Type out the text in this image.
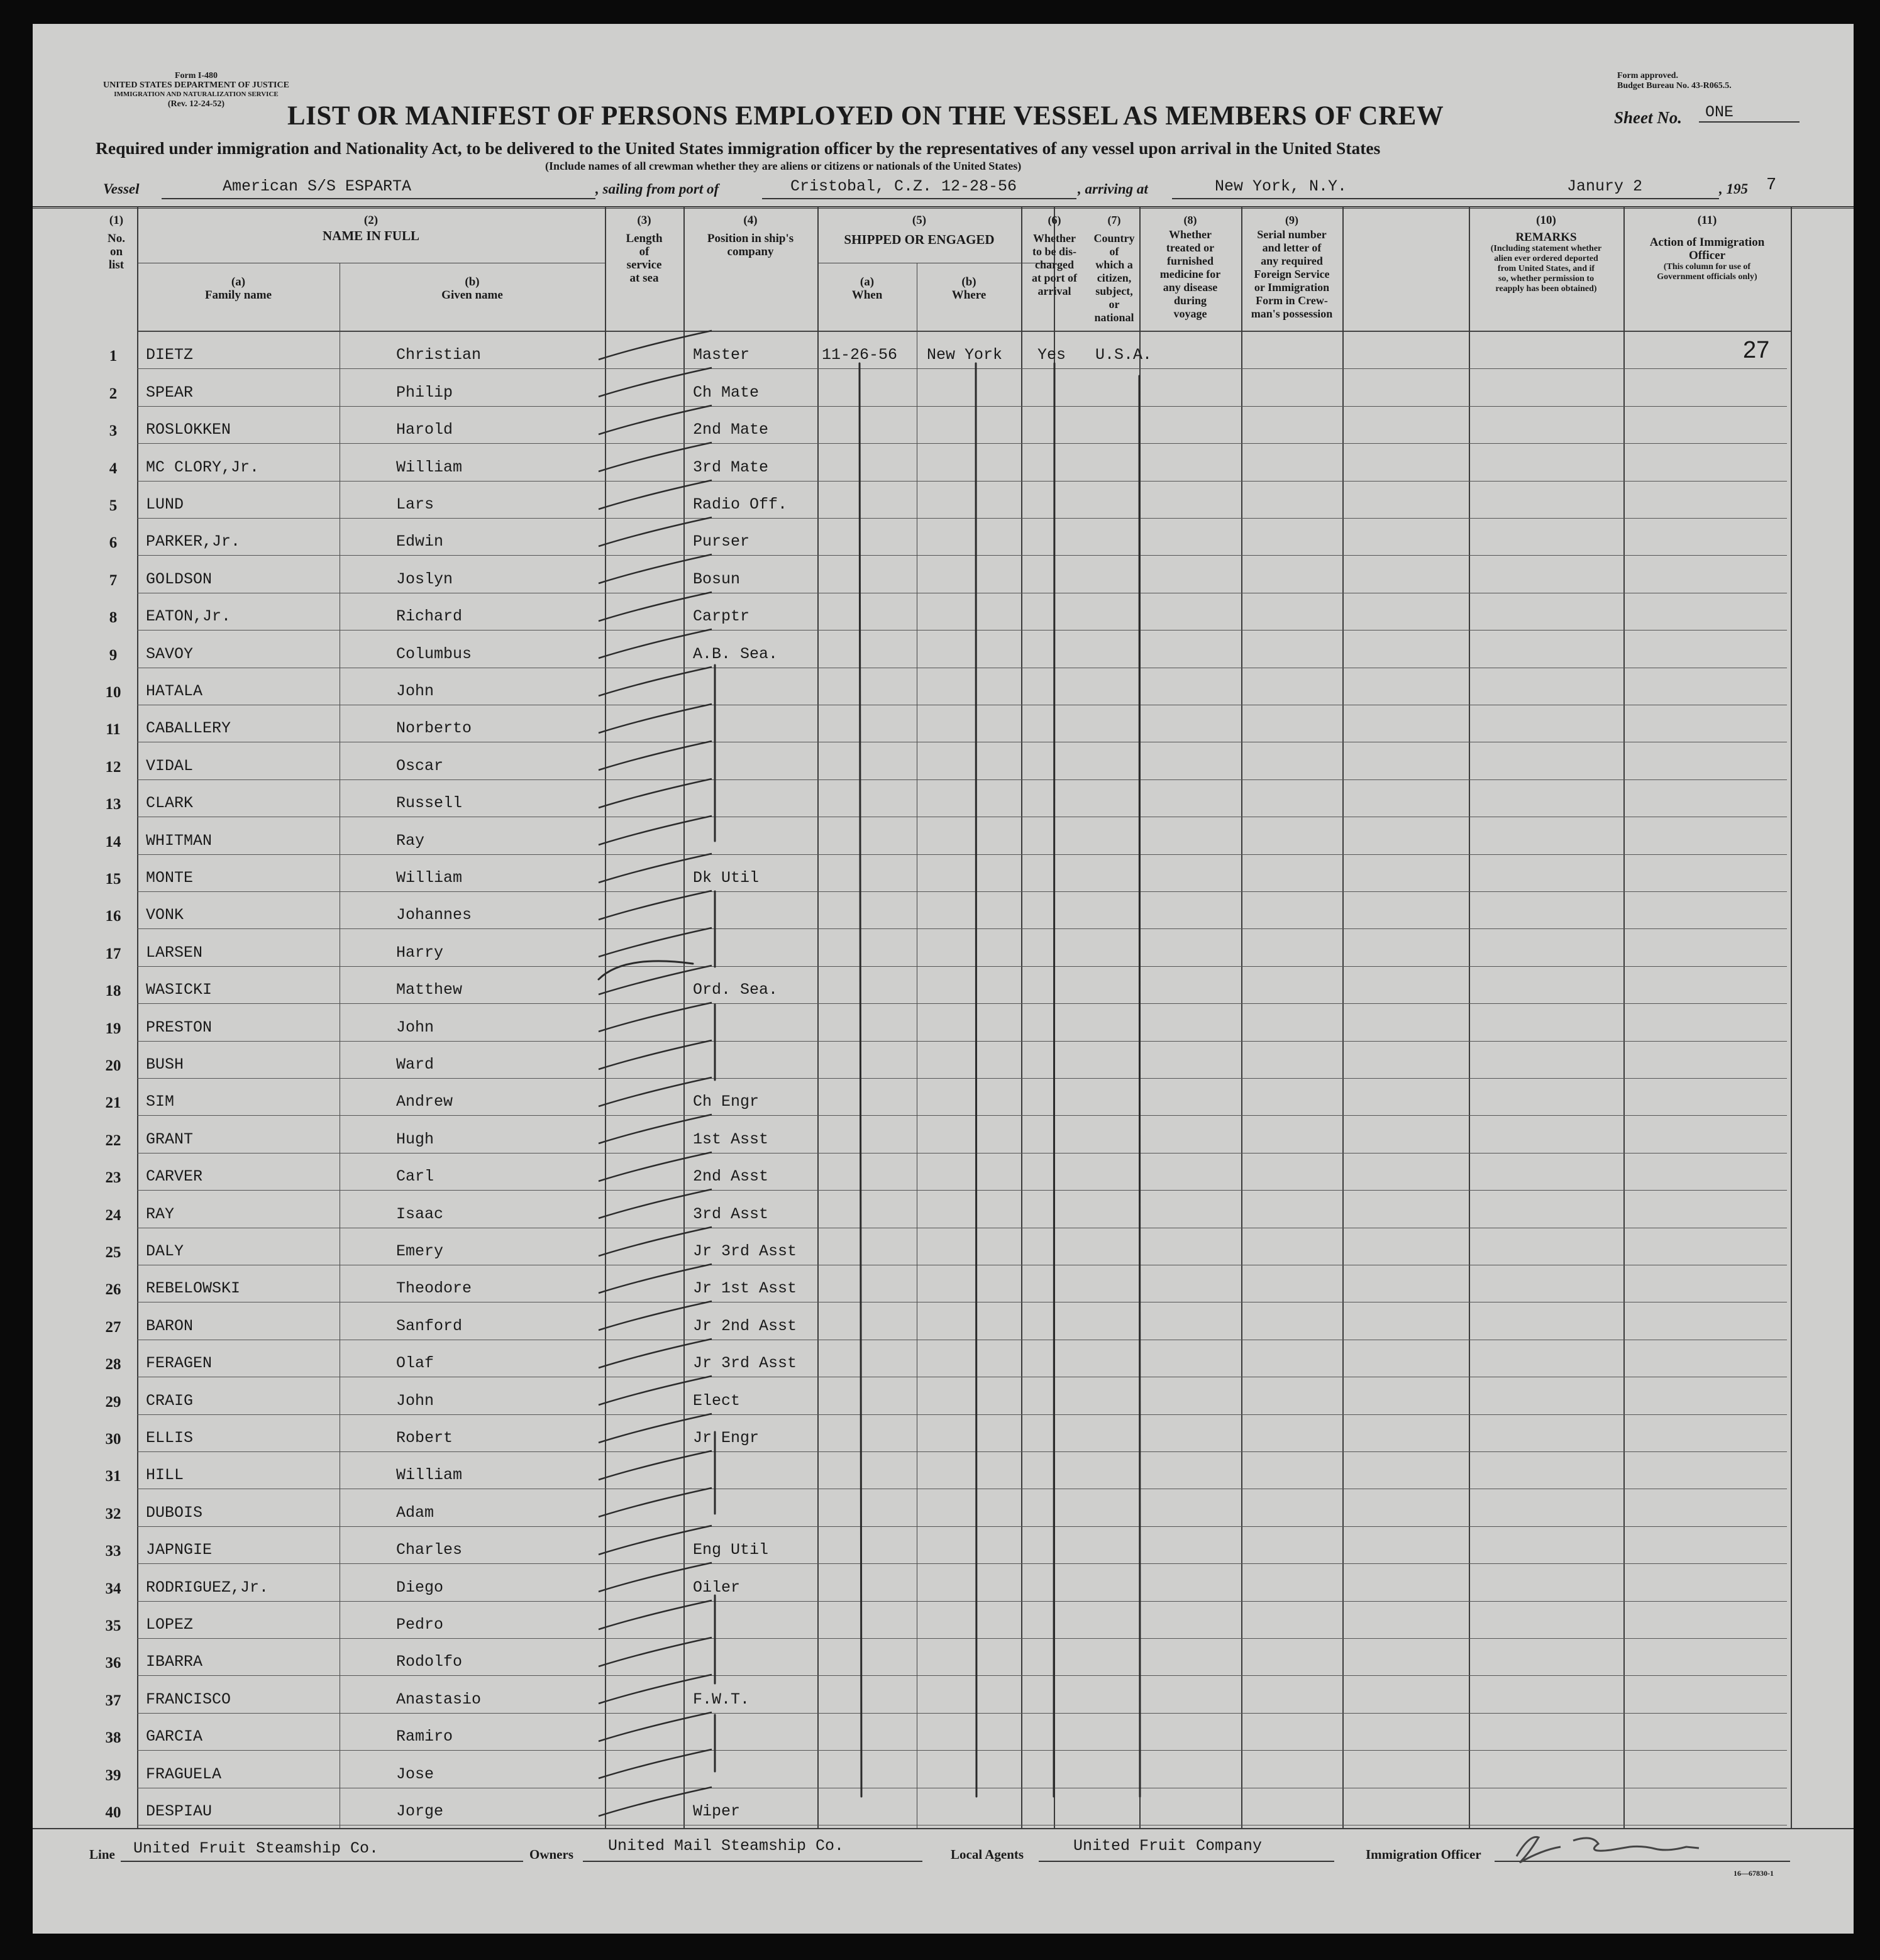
Form I-480
UNITED STATES DEPARTMENT OF JUSTICE
IMMIGRATION AND NATURALIZATION SERVICE
(Rev. 12-24-52)
Form approved.
Budget Bureau No. 43-R065.5.
LIST OR MANIFEST OF PERSONS EMPLOYED ON THE VESSEL AS MEMBERS OF CREW	Sheet No.	ONE
Required under immigration and Nationality Act, to be delivered to the United States immigration officer by the representatives of any vessel upon arrival in the United States
(Include names of all crewman whether they are aliens or citizens or nationals of the United States)
Vessel	American S/S ESPARTA	, sailing from port of	Cristobal, C.Z. 12-28-56	, arriving at	New York, N.Y.	Janury 2	, 195 7
(1)
No.
on
list
(2)
NAME IN FULL
(a)
Family name
(b)
Given name
(3)
Length
of
service
at sea
(4)
Position in ship's
company
(5)
SHIPPED OR ENGAGED
(a)
When
(b)
Where
(6)
Whether
to be dis-
charged
at port of
arrival
(7)
Country of
which a
citizen,
subject, or
national
(8)
Whether
treated or
furnished
medicine for
any disease
during
voyage
(9)
Serial number
and letter of
any required
Foreign Service
or Immigration
Form in Crew-
man's possession
(10)
REMARKS
(Including statement whether
alien ever ordered deported
from United States, and if
so, whether permission to
reapply has been obtained)
(11)
Action of Immigration
Officer
(This column for use of
Government officials only)
1	DIETZ	Christian	Master	11-26-56 New York Yes U.S.A.	27
2	SPEAR	Philip	Ch Mate
3	ROSLOKKEN	Harold	2nd Mate
4	MC CLORY,Jr.	William	3rd Mate
5	LUND	Lars	Radio Off.
6	PARKER,Jr.	Edwin	Purser
7	GOLDSON	Joslyn	Bosun
8	EATON,Jr.	Richard	Carptr
9	SAVOY	Columbus	A.B. Sea.
10	HATALA	John
11	CABALLERY	Norberto
12	VIDAL	Oscar
13	CLARK	Russell
14	WHITMAN	Ray
15	MONTE	William	Dk Util
16	VONK	Johannes
17	LARSEN	Harry
18	WASICKI	Matthew	Ord. Sea.
19	PRESTON	John
20	BUSH	Ward
21	SIM	Andrew	Ch Engr
22	GRANT	Hugh	1st Asst
23	CARVER	Carl	2nd Asst
24	RAY	Isaac	3rd Asst
25	DALY	Emery	Jr 3rd Asst
26	REBELOWSKI	Theodore	Jr 1st Asst
27	BARON	Sanford	Jr 2nd Asst
28	FERAGEN	Olaf	Jr 3rd Asst
29	CRAIG	John	Elect
30	ELLIS	Robert	Jr Engr
31	HILL	William
32	DUBOIS	Adam
33	JAPNGIE	Charles	Eng Util
34	RODRIGUEZ,Jr.	Diego	Oiler
35	LOPEZ	Pedro
36	IBARRA	Rodolfo
37	FRANCISCO	Anastasio	F.W.T.
38	GARCIA	Ramiro
39	FRAGUELA	Jose
40	DESPIAU	Jorge	Wiper
Line United Fruit Steamship Co.	Owners United Mail Steamship Co.	Local Agents	United Fruit Company	Immigration Officer
16—67830-1
